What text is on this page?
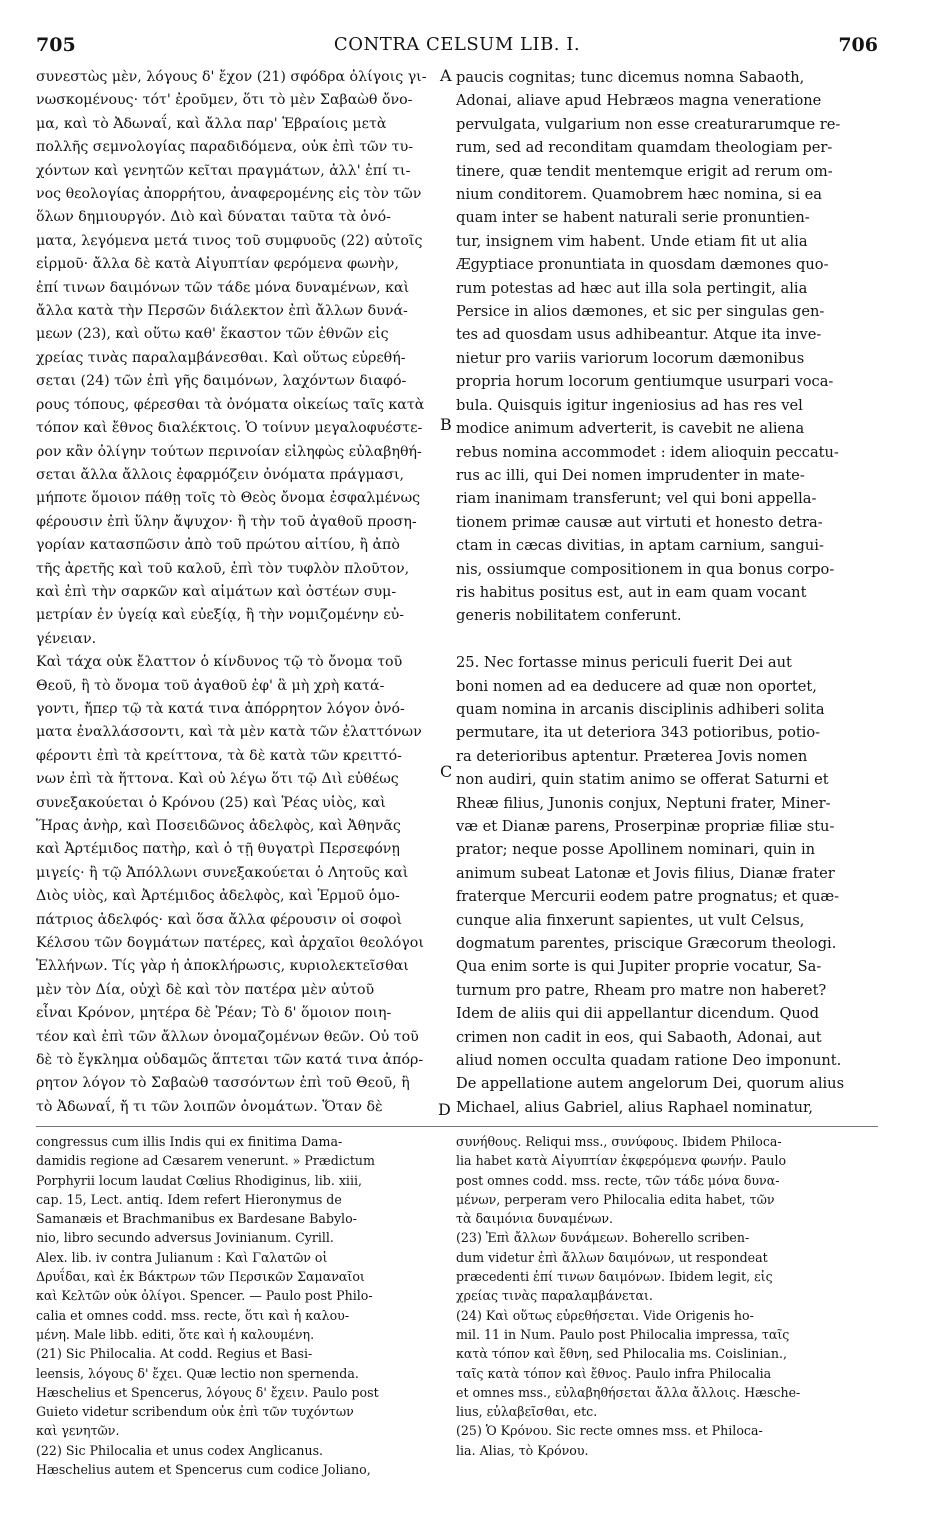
705	CONTRA CELSUM LIB. I.	706
συνεστὼς μὲν, λόγους δ' ἔχον (21) σφόδρα ὀλίγοις γι-
νωσκομένους· τότ' ἐροῦμεν, ὅτι τὸ μὲν Σαβαὼθ ὄνο-
μα, καὶ τὸ Ἀδωναΐ, καὶ ἄλλα παρ' Ἑβραίοις μετὰ
πολλῆς σεμνολογίας παραδιδόμενα, οὐκ ἐπὶ τῶν τυ-
χόντων καὶ γενητῶν κεῖται πραγμάτων, ἀλλ' ἐπί τι-
νος θεολογίας ἀπορρήτου, ἀναφερομένης εἰς τὸν τῶν
ὅλων δημιουργόν. Διὸ καὶ δύναται ταῦτα τὰ ὀνό-
ματα, λεγόμενα μετά τινος τοῦ συμφυοῦς (22) αὐτοῖς
εἱρμοῦ· ἄλλα δὲ κατὰ Αἰγυπτίαν φερόμενα φωνὴν,
ἐπί τινων δαιμόνων τῶν τάδε μόνα δυναμένων, καὶ
ἄλλα κατὰ τὴν Περσῶν διάλεκτον ἐπὶ ἄλλων δυνά-
μεων (23), καὶ οὕτω καθ' ἕκαστον τῶν ἐθνῶν εἰς
χρείας τινὰς παραλαμβάνεσθαι. Καὶ οὕτως εὑρεθή-
σεται (24) τῶν ἐπὶ γῆς δαιμόνων, λαχόντων διαφό-
ρους τόπους, φέρεσθαι τὰ ὀνόματα οἰκείως ταῖς κατὰ
τόπον καὶ ἔθνος διαλέκτοις. Ὁ τοίνυν μεγαλοφυέστε-
ρον κἂν ὀλίγην τούτων περινοίαν εἰληφὼς εὐλαβηθή-
σεται ἄλλα ἄλλοις ἐφαρμόζειν ὀνόματα πράγμασι,
μήποτε ὅμοιον πάθῃ τοῖς τὸ Θεὸς ὄνομα ἐσφαλμένως
φέρουσιν ἐπὶ ὕλην ἄψυχον· ἢ τὴν τοῦ ἀγαθοῦ προση-
γορίαν κατασπῶσιν ἀπὸ τοῦ πρώτου αἰτίου, ἢ ἀπὸ
τῆς ἀρετῆς καὶ τοῦ καλοῦ, ἐπὶ τὸν τυφλὸν πλοῦτον,
καὶ ἐπὶ τὴν σαρκῶν καὶ αἱμάτων καὶ ὀστέων συμ-
μετρίαν ἐν ὑγείᾳ καὶ εὐεξίᾳ, ἢ τὴν νομιζομένην εὐ-
γένειαν.
Καὶ τάχα οὐκ ἔλαττον ὁ κίνδυνος τῷ τὸ ὄνομα τοῦ
Θεοῦ, ἢ τὸ ὄνομα τοῦ ἀγαθοῦ ἐφ' ἃ μὴ χρὴ κατά-
γοντι, ἤπερ τῷ τὰ κατά τινα ἀπόρρητον λόγον ὀνό-
ματα ἐναλλάσσοντι, καὶ τὰ μὲν κατὰ τῶν ἐλαττόνων
φέροντι ἐπὶ τὰ κρείττονα, τὰ δὲ κατὰ τῶν κρειττό-
νων ἐπὶ τὰ ἥττονα. Καὶ οὐ λέγω ὅτι τῷ Διὶ εὐθέως
συνεξακούεται ὁ Κρόνου (25) καὶ Ῥέας υἱὸς, καὶ
Ἥρας ἀνὴρ, καὶ Ποσειδῶνος ἀδελφὸς, καὶ Ἀθηνᾶς
καὶ Ἀρτέμιδος πατὴρ, καὶ ὁ τῇ θυγατρὶ Περσεφόνῃ
μιγείς· ἢ τῷ Ἀπόλλωνι συνεξακούεται ὁ Λητοῦς καὶ
Διὸς υἱὸς, καὶ Ἀρτέμιδος ἀδελφὸς, καὶ Ἑρμοῦ ὁμο-
πάτριος ἀδελφός· καὶ ὅσα ἄλλα φέρουσιν οἱ σοφοὶ
Κέλσου τῶν δογμάτων πατέρες, καὶ ἀρχαῖοι θεολόγοι
Ἑλλήνων. Τίς γὰρ ἡ ἀποκλήρωσις, κυριολεκτεῖσθαι
μὲν τὸν Δία, οὐχὶ δὲ καὶ τὸν πατέρα μὲν αὐτοῦ
εἶναι Κρόνον, μητέρα δὲ Ῥέαν; Τὸ δ' ὅμοιον ποιη-
τέον καὶ ἐπὶ τῶν ἄλλων ὀνομαζομένων θεῶν. Οὐ τοῦ
δὲ τὸ ἔγκλημα οὐδαμῶς ἅπτεται τῶν κατά τινα ἀπόρ-
ρητον λόγον τὸ Σαβαὼθ τασσόντων ἐπὶ τοῦ Θεοῦ, ἢ
τὸ Ἀδωναΐ, ἤ τι τῶν λοιπῶν ὀνομάτων. Ὅταν δὲ
paucis cognitas; tunc dicemus nomna Sabaoth,
Adonai, aliave apud Hebræos magna veneratione
pervulgata, vulgarium non esse creaturarumque re-
rum, sed ad reconditam quamdam theologiam per-
tinere, quæ tendit mentemque erigit ad rerum om-
nium conditorem. Quamobrem hæc nomina, si ea
quam inter se habent naturali serie pronuntien-
tur, insignem vim habent. Unde etiam fit ut alia
Ægyptiace pronuntiata in quosdam dæmones quo-
rum potestas ad hæc aut illa sola pertingit, alia
Persice in alios dæmones, et sic per singulas gen-
tes ad quosdam usus adhibeantur. Atque ita inve-
nietur pro variis variorum locorum dæmonibus
propria horum locorum gentiumque usurpari voca-
bula. Quisquis igitur ingeniosius ad has res vel
modice animum adverterit, is cavebit ne aliena
rebus nomina accommodet : idem alioquin peccatu-
rus ac illi, qui Dei nomen imprudenter in mate-
riam inanimam transferunt; vel qui boni appella-
tionem primæ causæ aut virtuti et honesto detra-
ctam in cæcas divitias, in aptam carnium, sangui-
nis, ossiumque compositionem in qua bonus corpo-
ris habitus positus est, aut in eam quam vocant
generis nobilitatem conferunt.

25. Nec fortasse minus periculi fuerit Dei aut
boni nomen ad ea deducere ad quæ non oportet,
quam nomina in arcanis disciplinis adhiberi solita
permutare, ita ut deteriora 343 potioribus, potio-
ra deterioribus aptentur. Præterea Jovis nomen
non audiri, quin statim animo se offerat Saturni et
Rheæ filius, Junonis conjux, Neptuni frater, Miner-
væ et Dianæ parens, Proserpinæ propriæ filiæ stu-
prator; neque posse Apollinem nominari, quin in
animum subeat Latonæ et Jovis filius, Dianæ frater
fraterque Mercurii eodem patre prognatus; et quæ-
cunque alia finxerunt sapientes, ut vult Celsus,
dogmatum parentes, priscique Græcorum theologi.
Qua enim sorte is qui Jupiter proprie vocatur, Sa-
turnum pro patre, Rheam pro matre non haberet?
Idem de aliis qui dii appellantur dicendum. Quod
crimen non cadit in eos, qui Sabaoth, Adonai, aut
aliud nomen occulta quadam ratione Deo imponunt.
De appellatione autem angelorum Dei, quorum alius
Michael, alius Gabriel, alius Raphael nominatur,
A
B
C
D
congressus cum illis Indis qui ex finitima Dama-
damidis regione ad Cæsarem venerunt. » Prædictum
Porphyrii locum laudat Cœlius Rhodiginus, lib. xiii,
cap. 15, Lect. antiq. Idem refert Hieronymus de
Samanæis et Brachmanibus ex Bardesane Babylo-
nio, libro secundo adversus Jovinianum. Cyrill.
Alex. lib. iv contra Julianum : Καὶ Γαλατῶν οἱ
Δρυΐδαι, καὶ ἐκ Βάκτρων τῶν Περσικῶν Σαμαναῖοι
καὶ Κελτῶν οὐκ ὀλίγοι. Spencer. — Paulo post Philo-
calia et omnes codd. mss. recte, ὅτι καὶ ἡ καλου-
μένη. Male libb. editi, ὅτε καὶ ἡ καλουμένη.
(21) Sic Philocalia. At codd. Regius et Basi-
leensis, λόγους δ' ἔχει. Quæ lectio non spernenda.
Hæschelius et Spencerus, λόγους δ' ἔχειν. Paulo post
Guieto videtur scribendum οὐκ ἐπὶ τῶν τυχόντων
καὶ γενητῶν.
(22) Sic Philocalia et unus codex Anglicanus.
Hæschelius autem et Spencerus cum codice Joliano,
συνήθους. Reliqui mss., συνύφους. Ibidem Philoca-
lia habet κατὰ Αἰγυπτίαν ἐκφερόμενα φωνήν. Paulo
post omnes codd. mss. recte, τῶν τάδε μόνα δυνα-
μένων, perperam vero Philocalia edita habet, τῶν
τὰ δαιμόνια δυναμένων.
(23) Ἐπὶ ἄλλων δυνάμεων. Boherello scriben-
dum videtur ἐπὶ ἄλλων δαιμόνων, ut respondeat
præcedenti ἐπί τινων δαιμόνων. Ibidem legit, εἰς
χρείας τινὰς παραλαμβάνεται.
(24) Καὶ οὕτως εὑρεθήσεται. Vide Origenis ho-
mil. 11 in Num. Paulo post Philocalia impressa, ταῖς
κατὰ τόπον καὶ ἔθνη, sed Philocalia ms. Coislinian.,
ταῖς κατὰ τόπον καὶ ἔθνος. Paulo infra Philocalia
et omnes mss., εὐλαβηθήσεται ἄλλα ἄλλοις. Hæsche-
lius, εὐλαβεῖσθαι, etc.
(25) Ὁ Κρόνου. Sic recte omnes mss. et Philoca-
lia. Alias, τὸ Κρόνου.
